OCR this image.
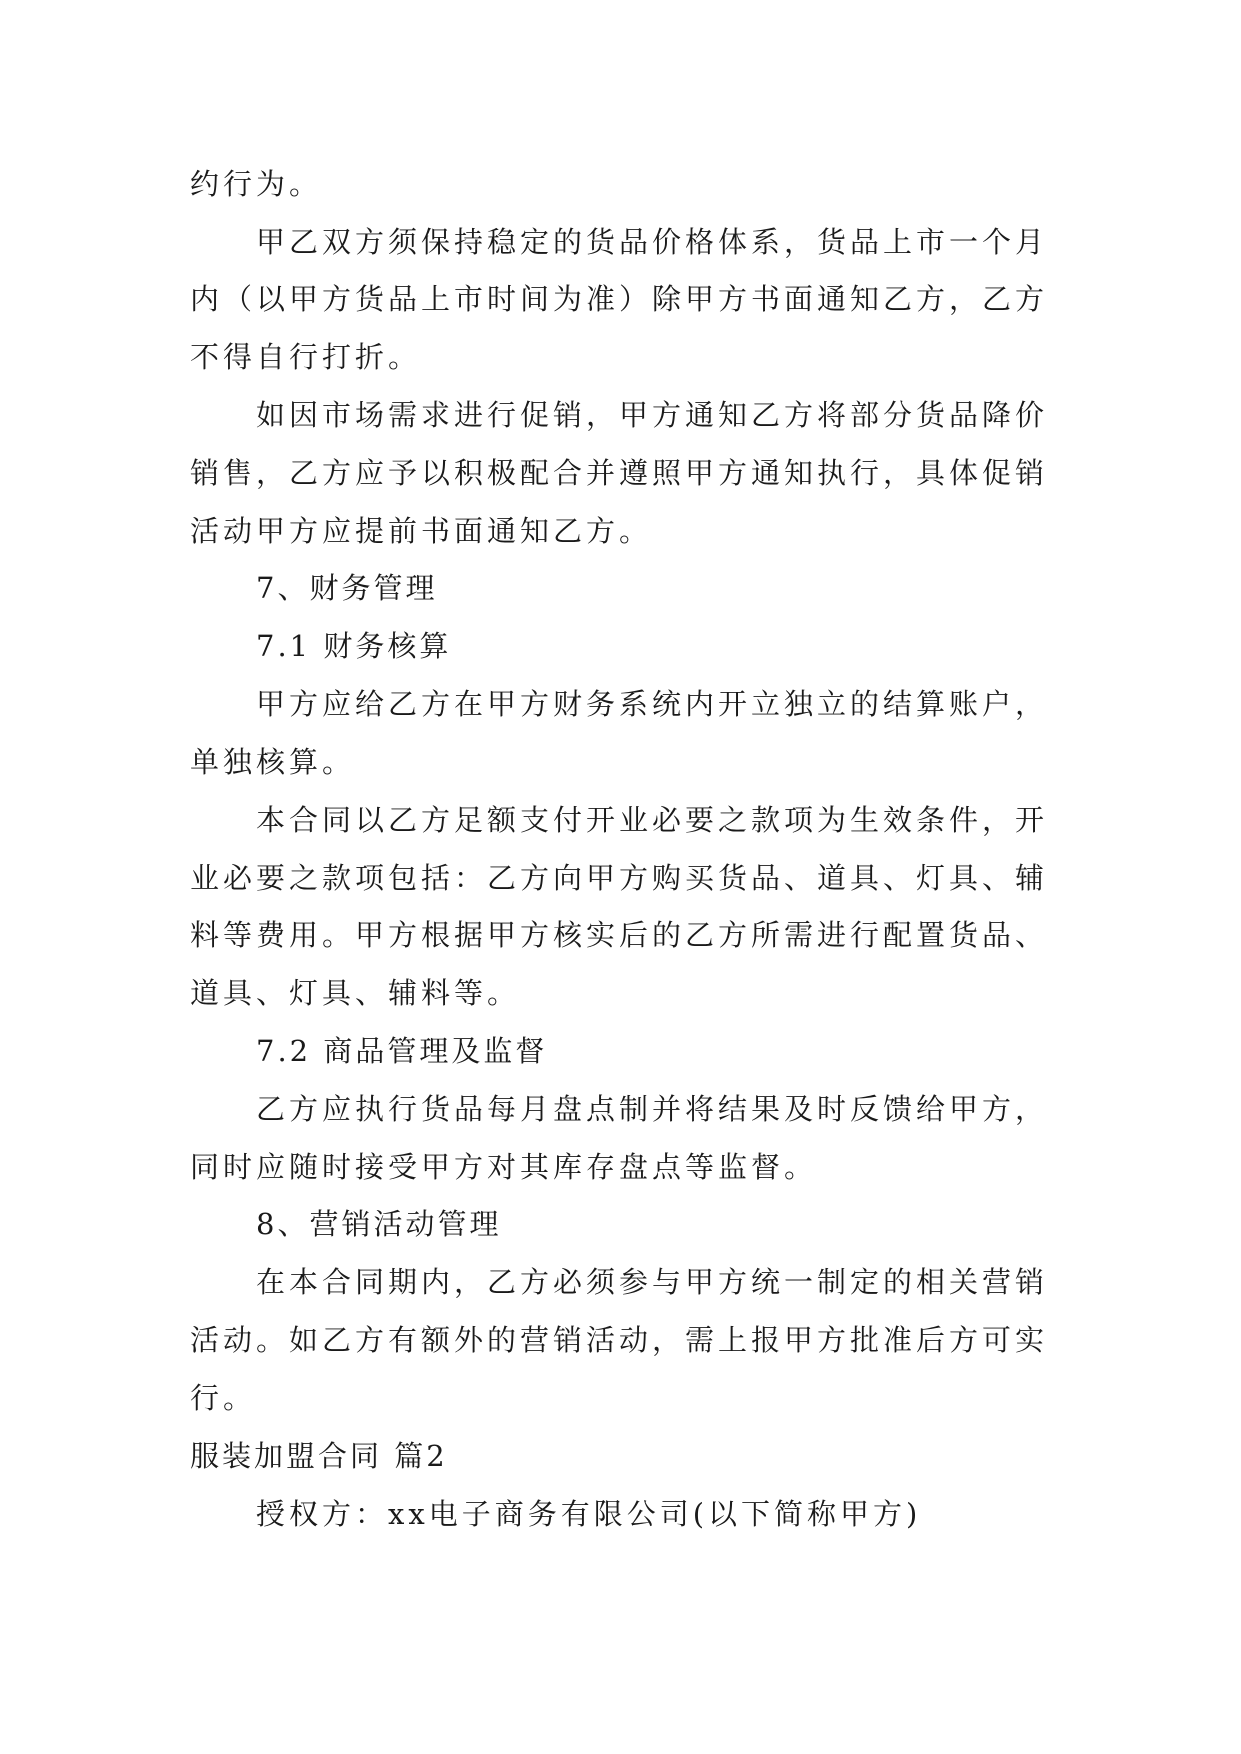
约行为。
甲乙双方须保持稳定的货品价格体系，货品上市一个月
内（以甲方货品上市时间为准）除甲方书面通知乙方，乙方
不得自行打折。
如因市场需求进行促销，甲方通知乙方将部分货品降价
销售，乙方应予以积极配合并遵照甲方通知执行，具体促销
活动甲方应提前书面通知乙方。
7、财务管理
7.1 财务核算
甲方应给乙方在甲方财务系统内开立独立的结算账户，
单独核算。
本合同以乙方足额支付开业必要之款项为生效条件，开
业必要之款项包括：乙方向甲方购买货品、道具、灯具、辅
料等费用。甲方根据甲方核实后的乙方所需进行配置货品、
道具、灯具、辅料等。
7.2 商品管理及监督
乙方应执行货品每月盘点制并将结果及时反馈给甲方，
同时应随时接受甲方对其库存盘点等监督。
8、营销活动管理
在本合同期内，乙方必须参与甲方统一制定的相关营销
活动。如乙方有额外的营销活动，需上报甲方批准后方可实
行。
服装加盟合同 篇2
授权方：xx电子商务有限公司(以下简称甲方)
